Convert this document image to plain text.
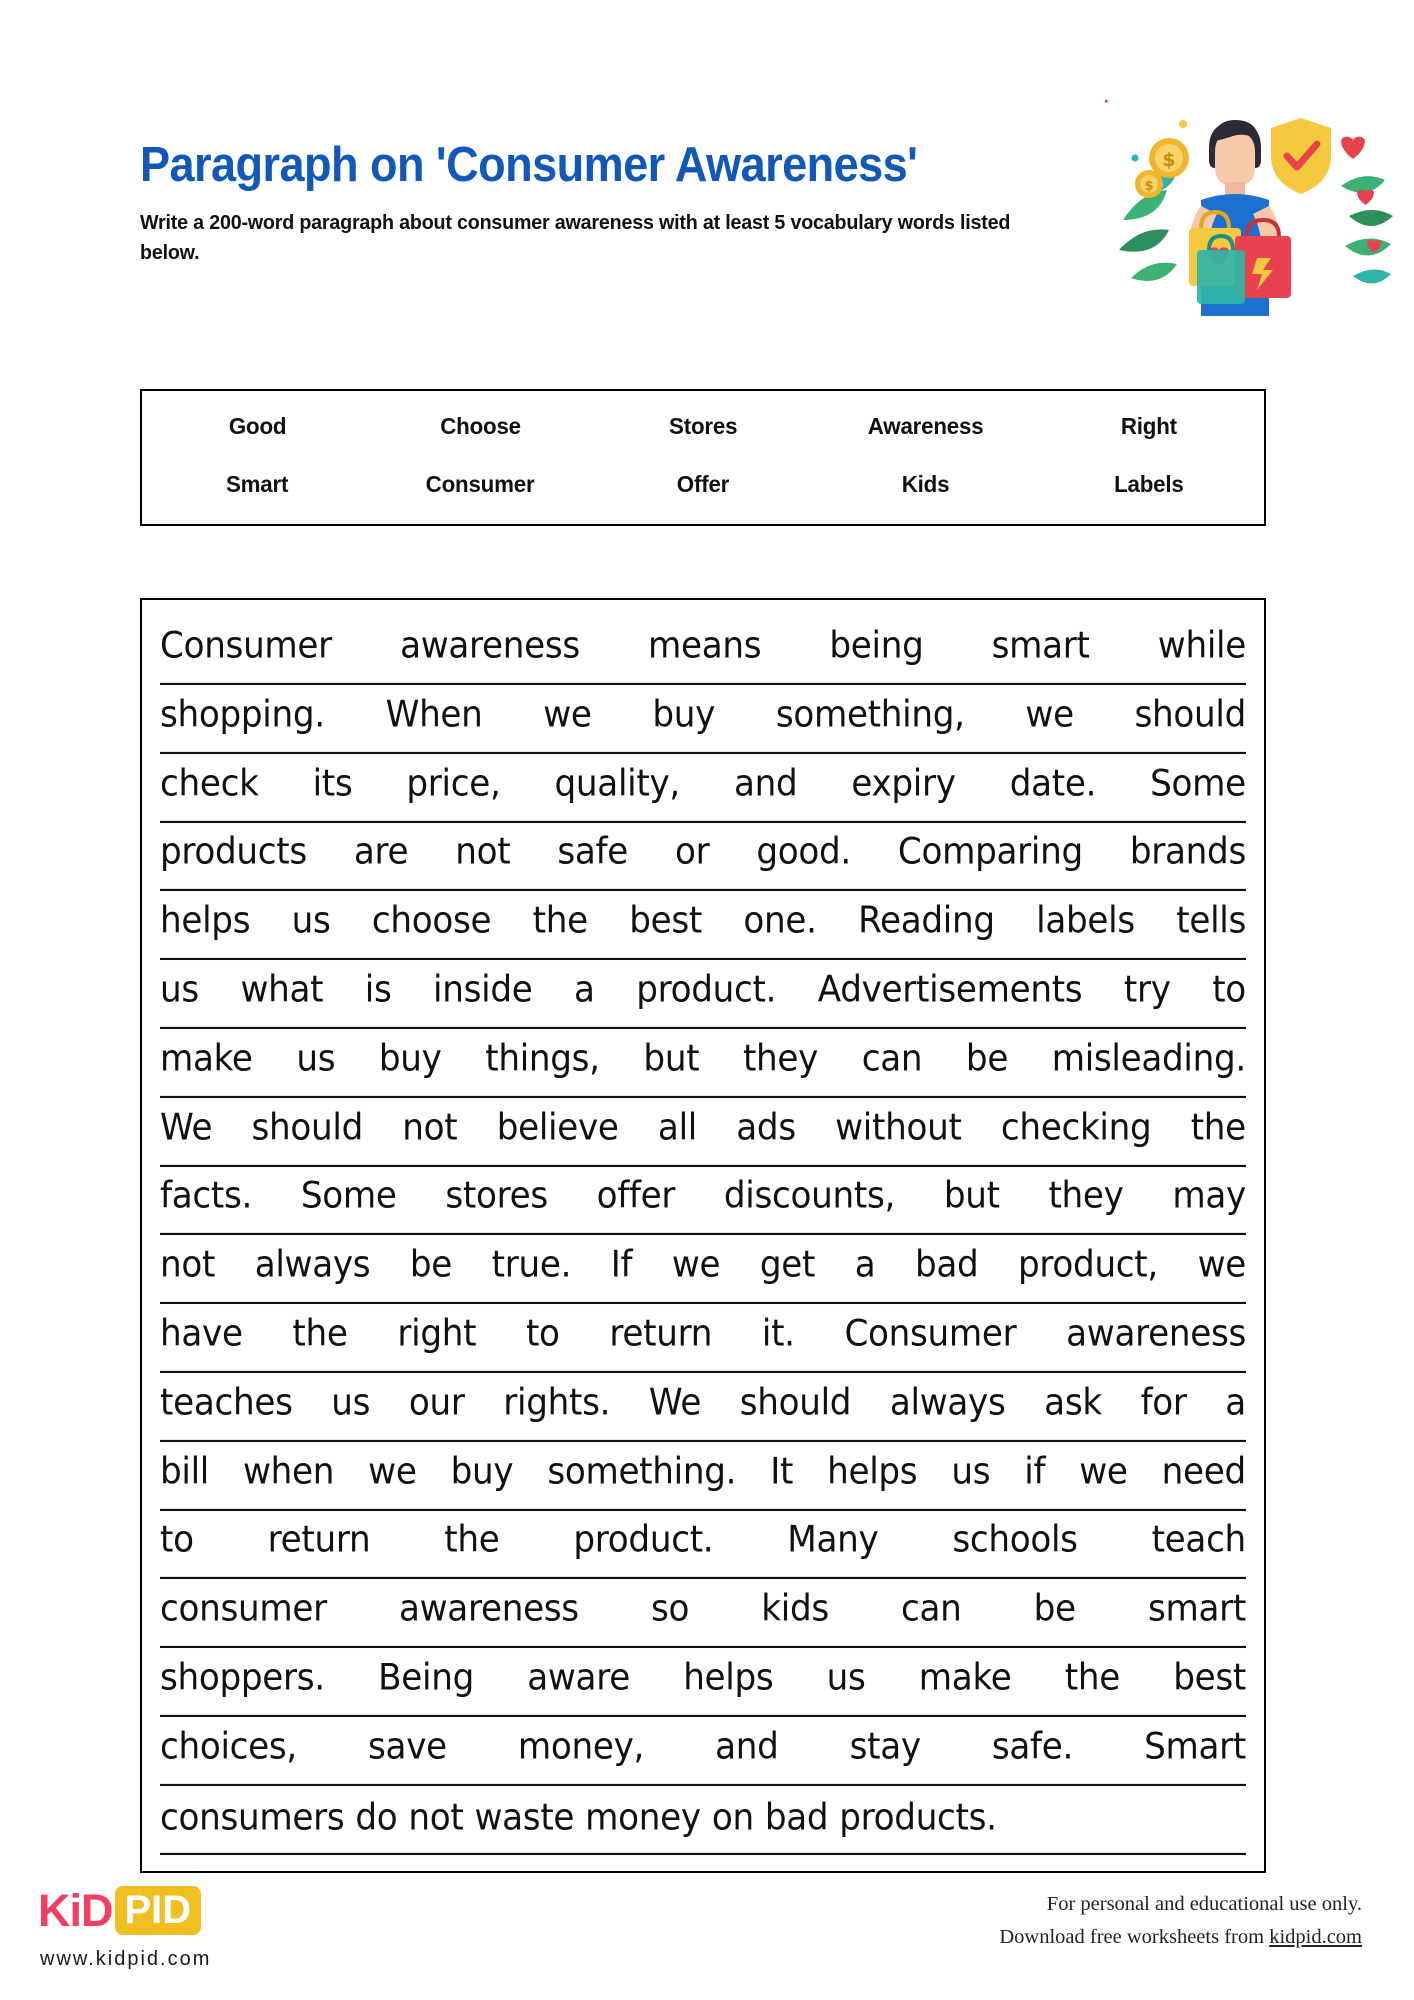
Paragraph on 'Consumer Awareness'
Write a 200-word paragraph about consumer awareness with at least 5 vocabulary words listed below.
$
$
Good	Choose	Stores	Awareness	Right
Smart	Consumer	Offer	Kids	Labels
Consumer awareness means being smart while
shopping. When we buy something, we should
check its price, quality, and expiry date. Some
products are not safe or good. Comparing brands
helps us choose the best one. Reading labels tells
us what is inside a product. Advertisements try to
make us buy things, but they can be misleading.
We should not believe all ads without checking the
facts. Some stores offer discounts, but they may
not always be true. If we get a bad product, we
have the right to return it. Consumer awareness
teaches us our rights. We should always ask for a
bill when we buy something. It helps us if we need
to return the product. Many schools teach
consumer awareness so kids can be smart
shoppers. Being aware helps us make the best
choices, save money, and stay safe. Smart
consumers do not waste money on bad products.
KiD PID
www.kidpid.com
For personal and educational use only.
Download free worksheets from kidpid.com
